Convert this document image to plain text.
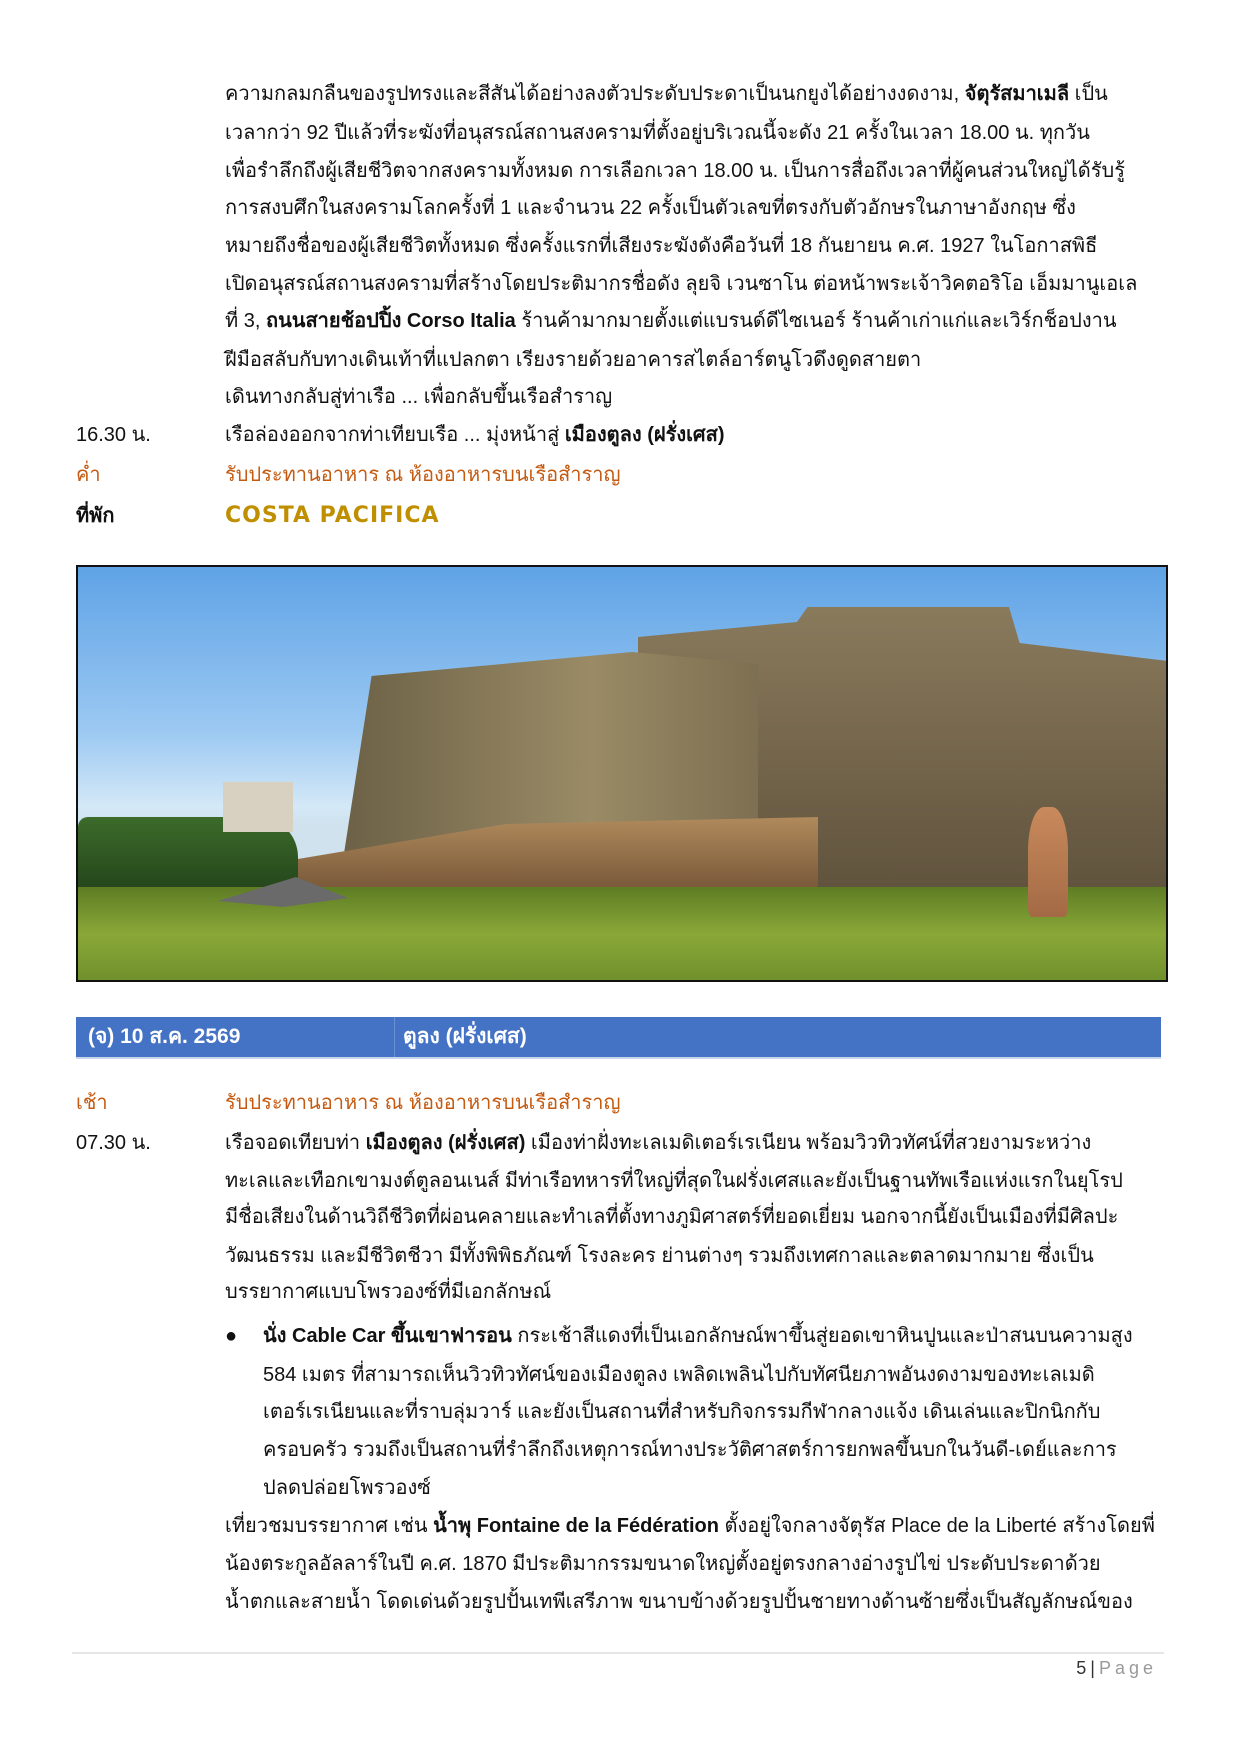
ความกลมกลืนของรูปทรงและสีสันได้อย่างลงตัวประดับประดาเป็นนกยูงได้อย่างงดงาม, จัตุรัสมาเมลี เป็น
เวลากว่า 92 ปีแล้วที่ระฆังที่อนุสรณ์สถานสงครามที่ตั้งอยู่บริเวณนี้จะดัง 21 ครั้งในเวลา 18.00 น. ทุกวัน
เพื่อรำลึกถึงผู้เสียชีวิตจากสงครามทั้งหมด การเลือกเวลา 18.00 น. เป็นการสื่อถึงเวลาที่ผู้คนส่วนใหญ่ได้รับรู้
การสงบศึกในสงครามโลกครั้งที่ 1 และจำนวน 22 ครั้งเป็นตัวเลขที่ตรงกับตัวอักษรในภาษาอังกฤษ ซึ่ง
หมายถึงชื่อของผู้เสียชีวิตทั้งหมด ซึ่งครั้งแรกที่เสียงระฆังดังคือวันที่ 18 กันยายน ค.ศ. 1927 ในโอกาสพิธี
เปิดอนุสรณ์สถานสงครามที่สร้างโดยประติมากรชื่อดัง ลุยจิ เวนซาโน ต่อหน้าพระเจ้าวิคตอริโอ เอ็มมานูเอเล
ที่ 3, ถนนสายช้อปปิ้ง Corso Italia ร้านค้ามากมายตั้งแต่แบรนด์ดีไซเนอร์ ร้านค้าเก่าแก่และเวิร์กช็อปงาน
ฝีมือสลับกับทางเดินเท้าที่แปลกตา เรียงรายด้วยอาคารสไตล์อาร์ตนูโวดึงดูดสายตา
เดินทางกลับสู่ท่าเรือ ... เพื่อกลับขึ้นเรือสำราญ
16.30 น.	เรือล่องออกจากท่าเทียบเรือ ... มุ่งหน้าสู่ เมืองตูลง (ฝรั่งเศส)
ค่ำ	รับประทานอาหาร ณ ห้องอาหารบนเรือสำราญ
ที่พัก	COSTA PACIFICA
(จ) 10 ส.ค. 2569	ตูลง (ฝรั่งเศส)
เช้า	รับประทานอาหาร ณ ห้องอาหารบนเรือสำราญ
07.30 น.	เรือจอดเทียบท่า เมืองตูลง (ฝรั่งเศส) เมืองท่าฝั่งทะเลเมดิเตอร์เรเนียน พร้อมวิวทิวทัศน์ที่สวยงามระหว่าง
ทะเลและเทือกเขามงต์ตูลอนเนส์ มีท่าเรือทหารที่ใหญ่ที่สุดในฝรั่งเศสและยังเป็นฐานทัพเรือแห่งแรกในยุโรป
มีชื่อเสียงในด้านวิถีชีวิตที่ผ่อนคลายและทำเลที่ตั้งทางภูมิศาสตร์ที่ยอดเยี่ยม นอกจากนี้ยังเป็นเมืองที่มีศิลปะ
วัฒนธรรม และมีชีวิตชีวา มีทั้งพิพิธภัณฑ์ โรงละคร ย่านต่างๆ รวมถึงเทศกาลและตลาดมากมาย ซึ่งเป็น
บรรยากาศแบบโพรวองซ์ที่มีเอกลักษณ์
● นั่ง Cable Car ขึ้นเขาฟารอน กระเช้าสีแดงที่เป็นเอกลักษณ์พาขึ้นสู่ยอดเขาหินปูนและป่าสนบนความสูง
584 เมตร ที่สามารถเห็นวิวทิวทัศน์ของเมืองตูลง เพลิดเพลินไปกับทัศนียภาพอันงดงามของทะเลเมดิ
เตอร์เรเนียนและที่ราบลุ่มวาร์ และยังเป็นสถานที่สำหรับกิจกรรมกีฬากลางแจ้ง เดินเล่นและปิกนิกกับ
ครอบครัว รวมถึงเป็นสถานที่รำลึกถึงเหตุการณ์ทางประวัติศาสตร์การยกพลขึ้นบกในวันดี-เดย์และการ
ปลดปล่อยโพรวองซ์
เที่ยวชมบรรยากาศ เช่น น้ำพุ Fontaine de la Fédération ตั้งอยู่ใจกลางจัตุรัส Place de la Liberté สร้างโดยพี่
น้องตระกูลอัลลาร์ในปี ค.ศ. 1870 มีประติมากรรมขนาดใหญ่ตั้งอยู่ตรงกลางอ่างรูปไข่ ประดับประดาด้วย
น้ำตกและสายน้ำ โดดเด่นด้วยรูปปั้นเทพีเสรีภาพ ขนาบข้างด้วยรูปปั้นชายทางด้านซ้ายซึ่งเป็นสัญลักษณ์ของ
5 | Page
